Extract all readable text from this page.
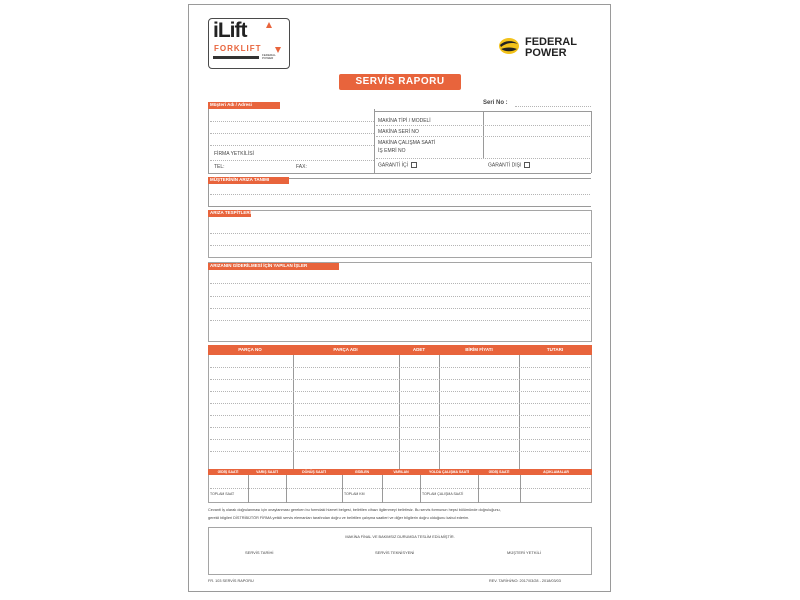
iLift
FORKLIFT
FEDERAL POWER
FEDERAL
POWER
SERVİS RAPORU
Seri No :
Müşteri Adı / Adresi
FİRMA YETKİLİSİ
TEL:	FAX:
MAKİNA TİPİ / MODELİ
MAKİNA SERİ NO
MAKİNA ÇALIŞMA SAATİ
İŞ EMRİ NO
GARANTİ İÇİ	GARANTİ DIŞI
MÜŞTERİNİN ARIZA TANIMI
ARIZA TESPİTLERİ
ARIZANIN GİDERİLMESİ İÇİN YAPILAN İŞLER
PARÇA NO	PARÇA ADI	ADET	BİRİM FİYATI	TUTARI
GİDİŞ SAATİ	VARIŞ SAATİ	DÖNÜŞ SAATİ	GİDİLEN	VARILAN	YOLDA ÇALIŞMA SAATİ	GİDİŞ SAATİ	AÇIKLAMALAR
TOPLAM SAAT	TOPLAM KM	TOPLAM ÇALIŞMA SAATİ
Cevanti İş olarak doğrulanması için onaylanması gereken bu formdaki hizmet belgesi, belirtilen cihazı ilgilenmeyi belirtirsiz. Bu servis formunun hepsi bölümünde doğruluğunu,
gerekli bilgileri DİSTRİBÜTÖR FİRMA yetkili servis elemanları tarafından doğru ve belirtilen çalışma saatleri ve diğer bilgilerin doğru olduğunu kabul ederim.
MAKİNA FİNAL VE BAKIMSIZ DURUMDA TESLİM EDİLMİŞTİR.
SERVİS TARİHİ	SERVİS TEKNİSYENİ	MÜŞTERİ YETKİLİ
FR. 103 SERVİS RAPORU	REV. TARİHİ/NO: 2017/03/28 - 2018/03/03
